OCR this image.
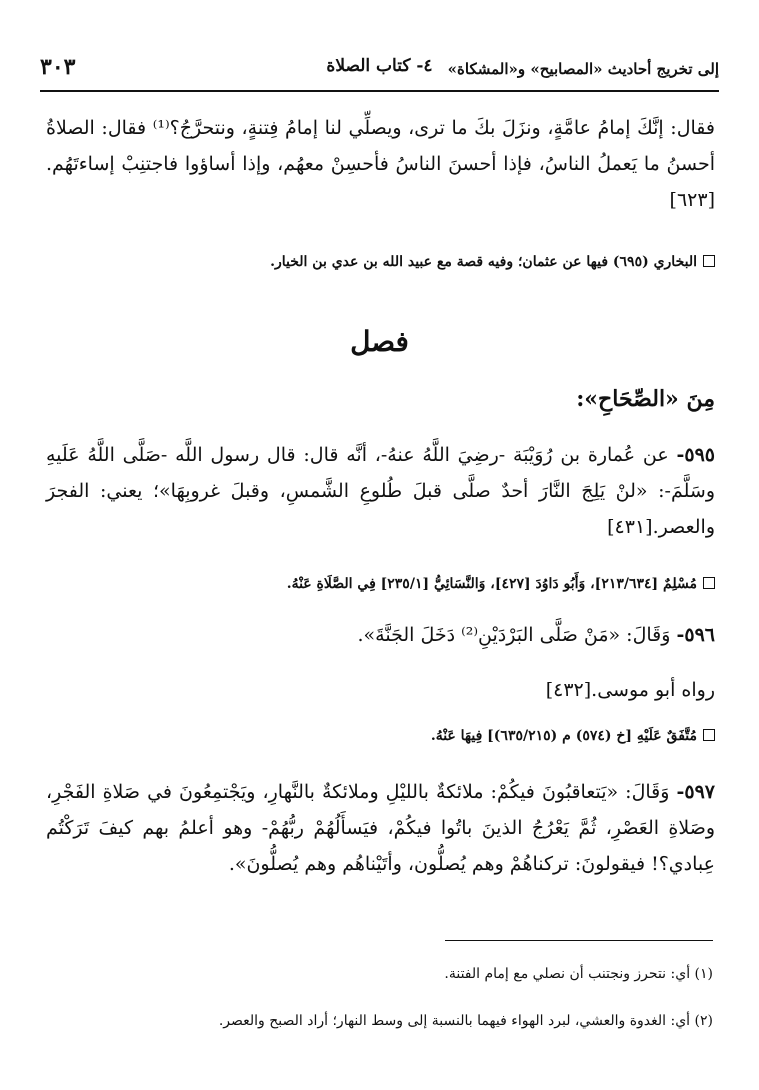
إلى تخريج أحاديث «المصابيح» و«المشكاة»
٤- كتاب الصلاة
٣٠٣
فقال: إنَّكَ إمامُ عامَّةٍ، ونزَلَ بكَ ما ترى، ويصلِّي لنا إمامُ فِتنةٍ، ونتحرَّجُ؟⁽¹⁾ فقال: الصلاةُ أحسنُ ما يَعملُ الناسُ، فإذا أحسنَ الناسُ فأحسِنْ معهُم، وإذا أساؤوا فاجتنِبْ إساءتَهُم.[٦٢٣]
البخاري (٦٩٥) فيها عن عثمان؛ وفيه قصة مع عبيد الله بن عدي بن الخيار.
فصل
مِنَ «الصِّحَاحِ»:
٥٩٥- عن عُمارة بن رُوَيْبَة -رضِيَ اللَّهُ عنهُ-، أنَّه قال: قال رسول اللَّه -صَلَّى اللَّهُ عَلَيهِ وسَلَّمَ-: «لنْ يَلِجَ النَّارَ أحدٌ صلَّى قبلَ طُلوعِ الشَّمسِ، وقبلَ غروبِهَا»؛ يعني: الفجرَ والعصر.[٤٣١]
مُسْلِمٌ [٢١٣/٦٣٤]، وَأَبُو دَاوُدَ [٤٢٧]، وَالنَّسَائِيُّ [٢٣٥/١] فِي الصَّلَاةِ عَنْهُ.
٥٩٦- وَقَالَ: «مَنْ صَلَّى البَرْدَيْنِ⁽²⁾ دَخَلَ الجَنَّةَ».
رواه أبو موسى.[٤٣٢]
مُتَّفَقٌ عَلَيْهِ [خ (٥٧٤) م (٦٣٥/٢١٥)] فِيهَا عَنْهُ.
٥٩٧- وَقَالَ: «يَتعاقبُونَ فيكُمْ: ملائكةٌ بالليْلِ وملائكةٌ بالنَّهارِ، ويَجْتمِعُونَ في صَلاةِ الفَجْرِ، وصَلاةِ العَصْرِ، ثُمَّ يَعْرُجُ الذينَ باتُوا فيكُمْ، فيَسأَلُهُمْ ربُّهُمْ- وهو أعلمُ بهم كيفَ تَرَكْتُم عِبادي؟! فيقولونَ: تركناهُمْ وهم يُصلُّون، وأتَيْناهُم وهم يُصلُّونَ».
(١) أي: نتحرز ونجتنب أن نصلي مع إمام الفتنة.
(٢) أي: الغدوة والعشي، لبرد الهواء فيهما بالنسبة إلى وسط النهار؛ أراد الصبح والعصر.
